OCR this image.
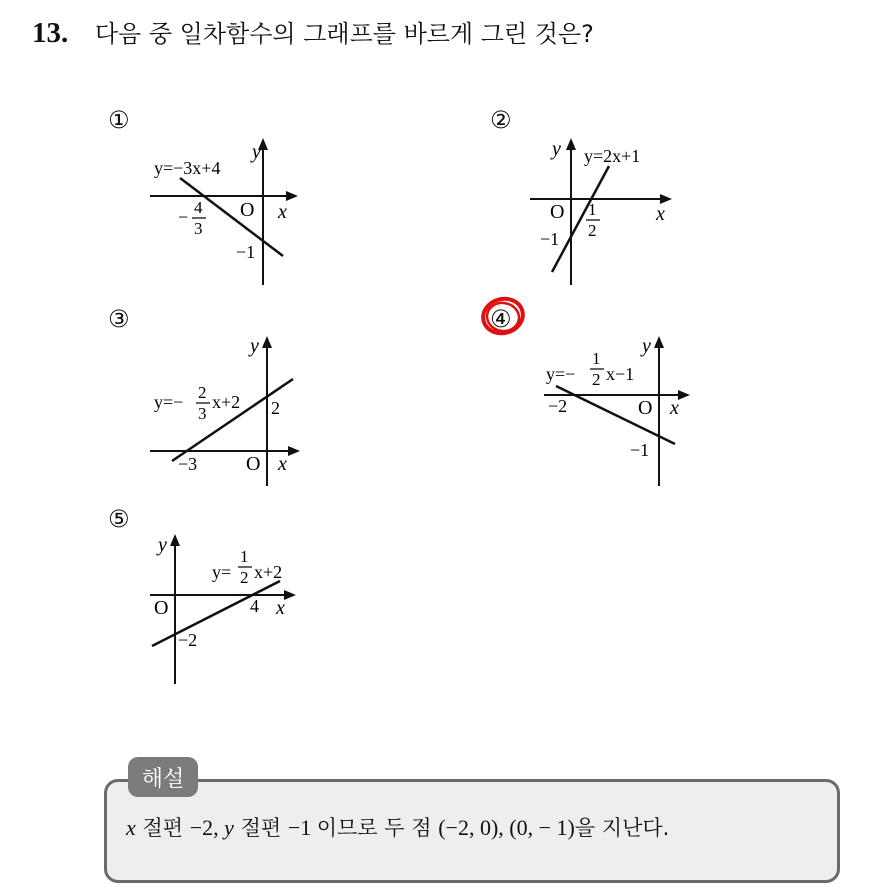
13. 다음 중 일차함수의 그래프를 바르게 그린 것은?
①
y
x
O
y=−3x+4
− 4
3
−1
②
y
x
O
y=2x+1
1
2
−1
③
y
x
O
y=− 2
3
x+2 2
−3
④
y
x
O
y=−
1
2 x−1
−2
−1
⑤
y
x
O
y=
1
2 x+2
4
−2
해설
x 절편 −2, y 절편 −1 이므로 두 점 (−2, 0), (0, − 1)을 지난다.
